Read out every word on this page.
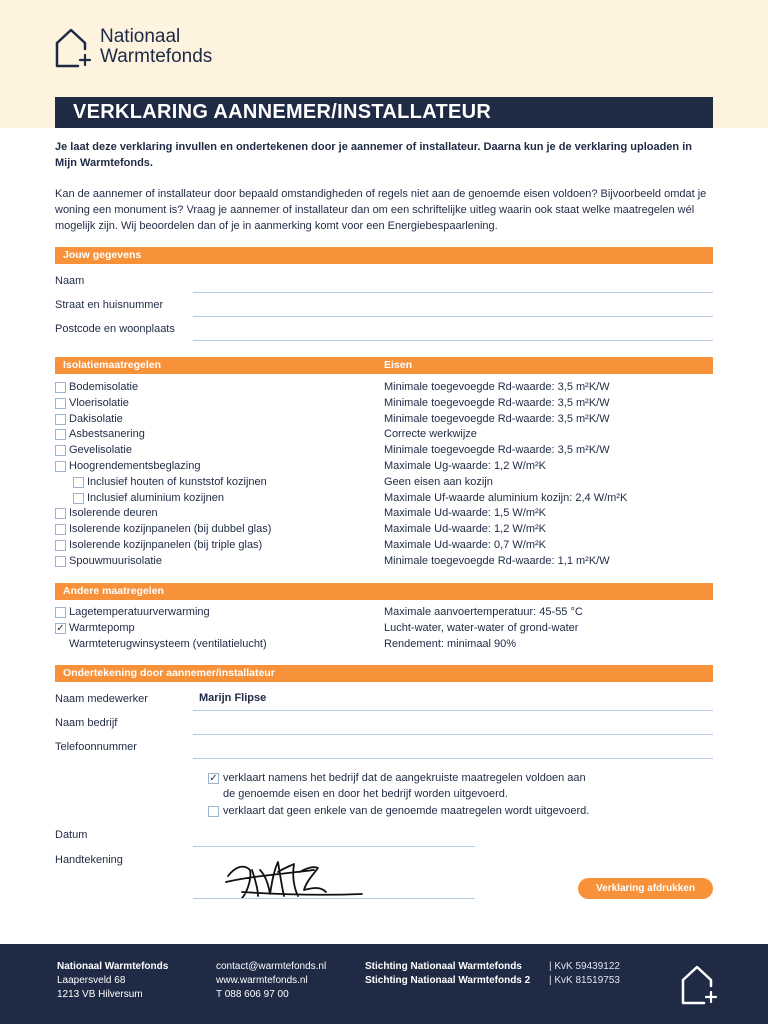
Nationaal
Warmtefonds
VERKLARING AANNEMER/INSTALLATEUR
Je laat deze verklaring invullen en ondertekenen door je aannemer of installateur. Daarna kun je de verklaring uploaden in Mijn Warmtefonds.
Kan de aannemer of installateur door bepaald omstandigheden of regels niet aan de genoemde eisen voldoen? Bijvoorbeeld omdat je woning een monument is? Vraag je aannemer of installateur dan om een schriftelijke uitleg waarin ook staat welke maatregelen wél mogelijk zijn. Wij beoordelen dan of je in aanmerking komt voor een Energiebespaarlening.
Jouw gegevens
Naam
Straat en huisnummer
Postcode en woonplaats
Isolatiemaatregelen	Eisen
Bodemisolatie	Minimale toegevoegde Rd-waarde: 3,5 m²K/W
Vloerisolatie	Minimale toegevoegde Rd-waarde: 3,5 m²K/W
Dakisolatie	Minimale toegevoegde Rd-waarde: 3,5 m²K/W
Asbestsanering	Correcte werkwijze
Gevelisolatie	Minimale toegevoegde Rd-waarde: 3,5 m²K/W
Hoogrendementsbeglazing	Maximale Ug-waarde: 1,2 W/m²K
Inclusief houten of kunststof kozijnen	Geen eisen aan kozijn
Inclusief aluminium kozijnen	Maximale Uf-waarde aluminium kozijn: 2,4 W/m²K
Isolerende deuren	Maximale Ud-waarde: 1,5 W/m²K
Isolerende kozijnpanelen (bij dubbel glas)	Maximale Ud-waarde: 1,2 W/m²K
Isolerende kozijnpanelen (bij triple glas)	Maximale Ud-waarde: 0,7 W/m²K
Spouwmuurisolatie	Minimale toegevoegde Rd-waarde: 1,1 m²K/W
Andere maatregelen
Lagetemperatuurverwarming	Maximale aanvoertemperatuur: 45-55 °C
✓ Warmtepomp	Lucht-water, water-water of grond-water
Warmteterugwinsysteem (ventilatielucht)	Rendement: minimaal 90%
Ondertekening door aannemer/installateur
Naam medewerker	Marijn Flipse
Naam bedrijf
Telefoonnummer
✓ verklaart namens het bedrijf dat de aangekruiste maatregelen voldoen aan
de genoemde eisen en door het bedrijf worden uitgevoerd.
verklaart dat geen enkele van de genoemde maatregelen wordt uitgevoerd.
Datum
Handtekening
Verklaring afdrukken
Nationaal Warmtefonds
Laapersveld 68
1213 VB Hilversum
contact@warmtefonds.nl
www.warmtefonds.nl
T 088 606 97 00
Stichting Nationaal Warmtefonds
Stichting Nationaal Warmtefonds 2
| KvK 59439122
| KvK 81519753
